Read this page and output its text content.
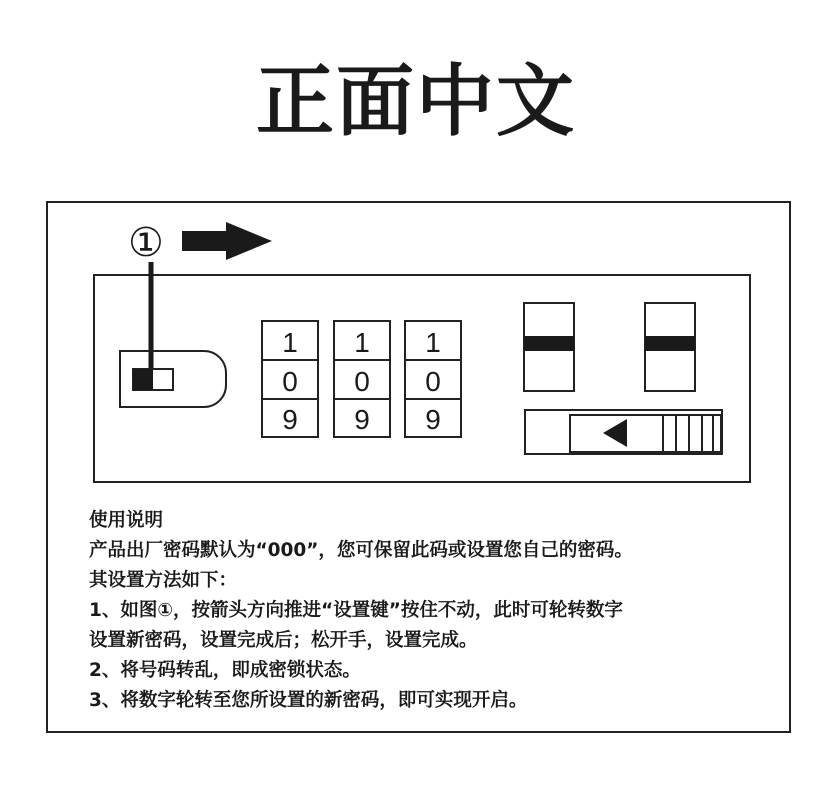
正面中文
①
1
0
9
1
0
9
1
0
9

使用说明

产品出厂密码默认为“000”，您可保留此码或设置您自己的密码。

其设置方法如下：

1、如图①，按箭头方向推进“设置键”按住不动，此时可轮转数字

设置新密码，设置完成后；松开手，设置完成。

2、将号码转乱，即成密锁状态。

3、将数字轮转至您所设置的新密码，即可实现开启。
